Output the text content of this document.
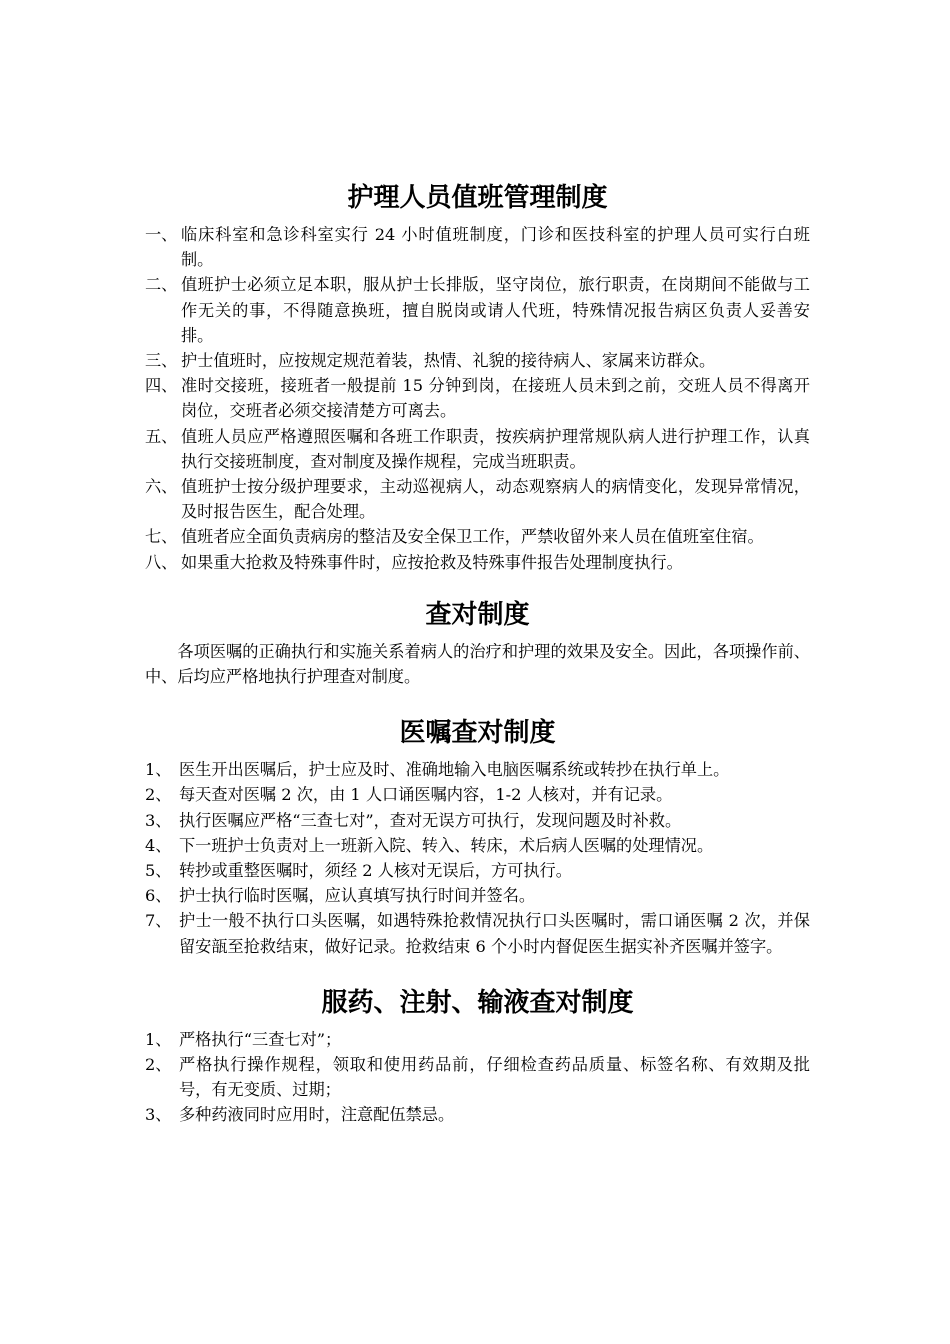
护理人员值班管理制度
一、 临床科室和急诊科室实行 24 小时值班制度，门诊和医技科室的护理人员可实行白班制。
二、 值班护士必须立足本职，服从护士长排版，坚守岗位，旅行职责，在岗期间不能做与工作无关的事，不得随意换班，擅自脱岗或请人代班，特殊情况报告病区负责人妥善安排。
三、 护士值班时，应按规定规范着装，热情、礼貌的接待病人、家属来访群众。
四、 准时交接班，接班者一般提前 15 分钟到岗，在接班人员未到之前，交班人员不得离开岗位，交班者必须交接清楚方可离去。
五、 值班人员应严格遵照医嘱和各班工作职责，按疾病护理常规队病人进行护理工作，认真执行交接班制度，查对制度及操作规程，完成当班职责。
六、 值班护士按分级护理要求，主动巡视病人，动态观察病人的病情变化，发现异常情况，及时报告医生，配合处理。
七、 值班者应全面负责病房的整洁及安全保卫工作，严禁收留外来人员在值班室住宿。
八、 如果重大抢救及特殊事件时，应按抢救及特殊事件报告处理制度执行。
查对制度

各项医嘱的正确执行和实施关系着病人的治疗和护理的效果及安全。因此，各项操作前、中、后均应严格地执行护理查对制度。

医嘱查对制度
1、 医生开出医嘱后，护士应及时、准确地输入电脑医嘱系统或转抄在执行单上。
2、 每天查对医嘱 2 次，由 1 人口诵医嘱内容，1-2 人核对，并有记录。
3、 执行医嘱应严格“三查七对”，查对无误方可执行，发现问题及时补救。
4、 下一班护士负责对上一班新入院、转入、转床，术后病人医嘱的处理情况。
5、 转抄或重整医嘱时，须经 2 人核对无误后，方可执行。
6、 护士执行临时医嘱，应认真填写执行时间并签名。
7、 护士一般不执行口头医嘱，如遇特殊抢救情况执行口头医嘱时，需口诵医嘱 2 次，并保留安瓿至抢救结束，做好记录。抢救结束 6 个小时内督促医生据实补齐医嘱并签字。
服药、注射、输液查对制度
1、 严格执行“三查七对”；
2、 严格执行操作规程，领取和使用药品前，仔细检查药品质量、标签名称、有效期及批号，有无变质、过期；
3、 多种药液同时应用时，注意配伍禁忌。
